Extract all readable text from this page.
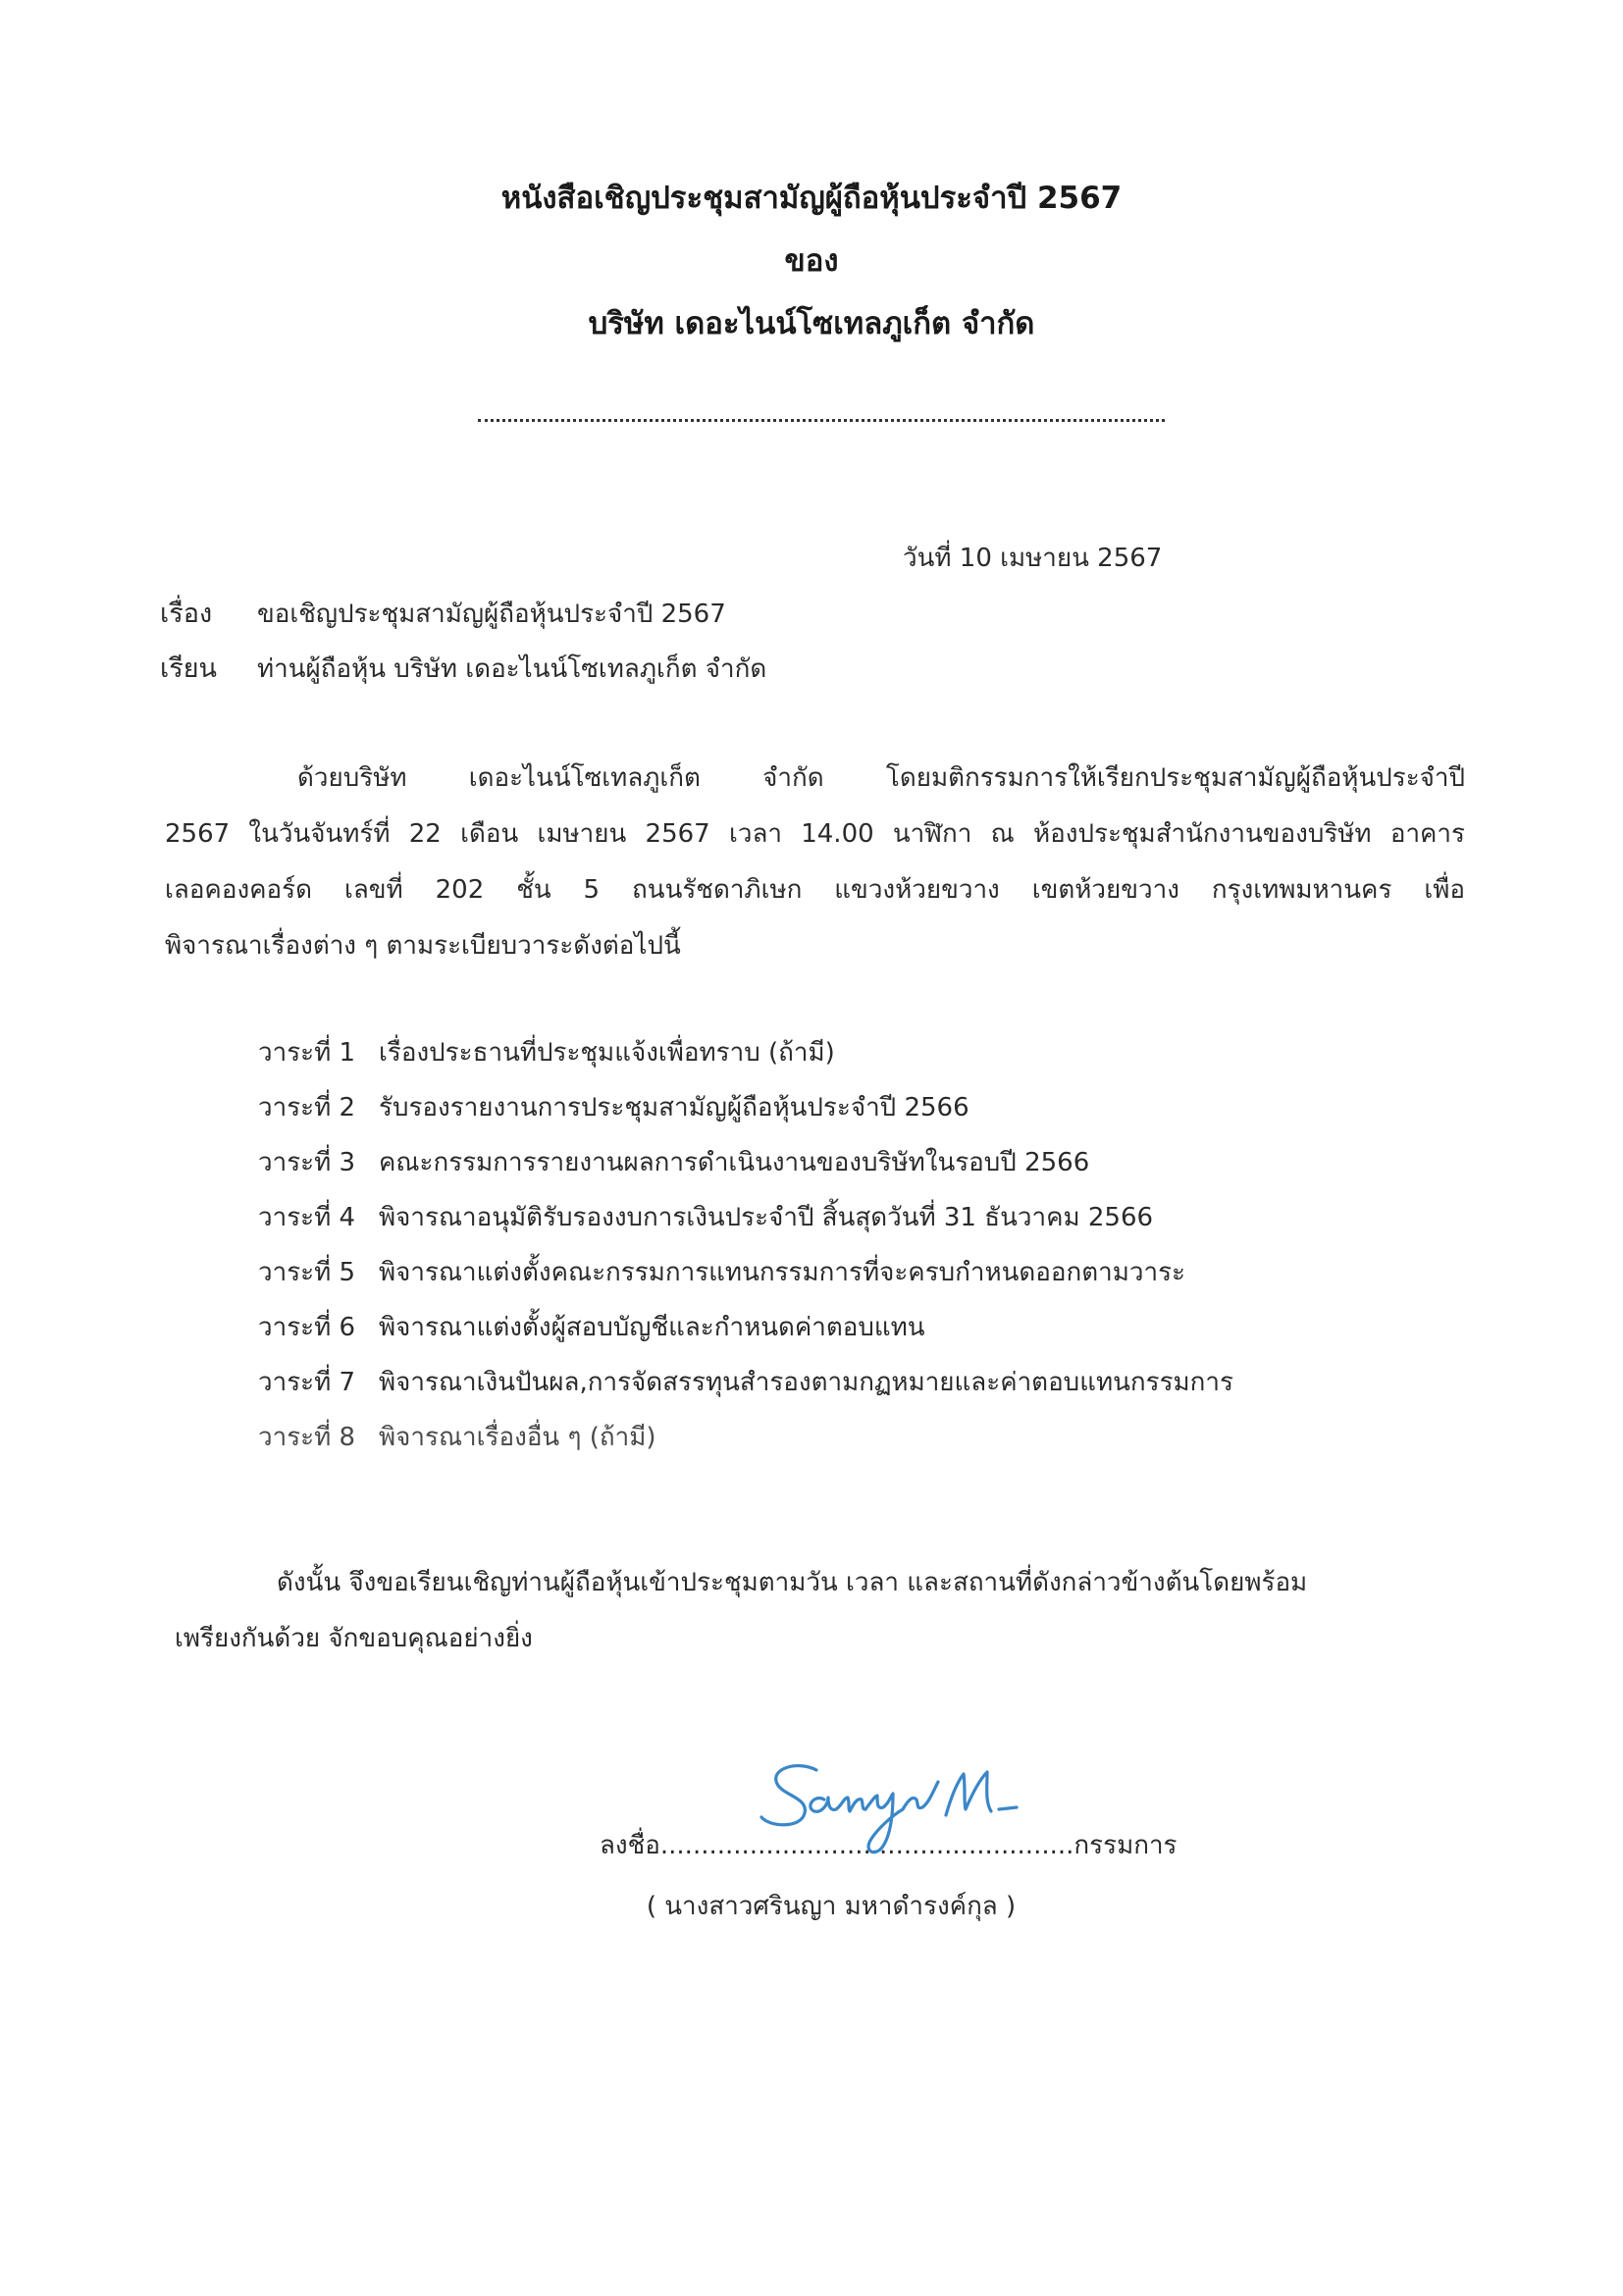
หนังสือเชิญประชุมสามัญผู้ถือหุ้นประจำปี 2567
ของ
บริษัท เดอะไนน์โซเทลภูเก็ต จำกัด
วันที่ 10 เมษายน 2567
เรื่อง ขอเชิญประชุมสามัญผู้ถือหุ้นประจำปี 2567
เรียน ท่านผู้ถือหุ้น บริษัท เดอะไนน์โซเทลภูเก็ต จำกัด
ด้วยบริษัท เดอะไนน์โซเทลภูเก็ต จำกัด โดยมติกรรมการให้เรียกประชุมสามัญผู้ถือหุ้นประจำปี
2567 ในวันจันทร์ที่ 22 เดือน เมษายน 2567 เวลา 14.00 นาฬิกา ณ ห้องประชุมสำนักงานของบริษัท อาคาร
เลอคองคอร์ด เลขที่ 202 ชั้น 5 ถนนรัชดาภิเษก แขวงห้วยขวาง เขตห้วยขวาง กรุงเทพมหานคร เพื่อ
พิจารณาเรื่องต่าง ๆ ตามระเบียบวาระดังต่อไปนี้
วาระที่ 1 เรื่องประธานที่ประชุมแจ้งเพื่อทราบ (ถ้ามี)
วาระที่ 2 รับรองรายงานการประชุมสามัญผู้ถือหุ้นประจำปี 2566
วาระที่ 3 คณะกรรมการรายงานผลการดำเนินงานของบริษัทในรอบปี 2566
วาระที่ 4 พิจารณาอนุมัติรับรองงบการเงินประจำปี สิ้นสุดวันที่ 31 ธันวาคม 2566
วาระที่ 5 พิจารณาแต่งตั้งคณะกรรมการแทนกรรมการที่จะครบกำหนดออกตามวาระ
วาระที่ 6 พิจารณาแต่งตั้งผู้สอบบัญชีและกำหนดค่าตอบแทน
วาระที่ 7 พิจารณาเงินปันผล,การจัดสรรทุนสำรองตามกฏหมายและค่าตอบแทนกรรมการ
วาระที่ 8 พิจารณาเรื่องอื่น ๆ (ถ้ามี)
ดังนั้น จึงขอเรียนเชิญท่านผู้ถือหุ้นเข้าประชุมตามวัน เวลา และสถานที่ดังกล่าวข้างต้นโดยพร้อม
เพรียงกันด้วย จักขอบคุณอย่างยิ่ง
ลงชื่อ...................................................กรรมการ
( นางสาวศรินญา มหาดำรงค์กุล )
